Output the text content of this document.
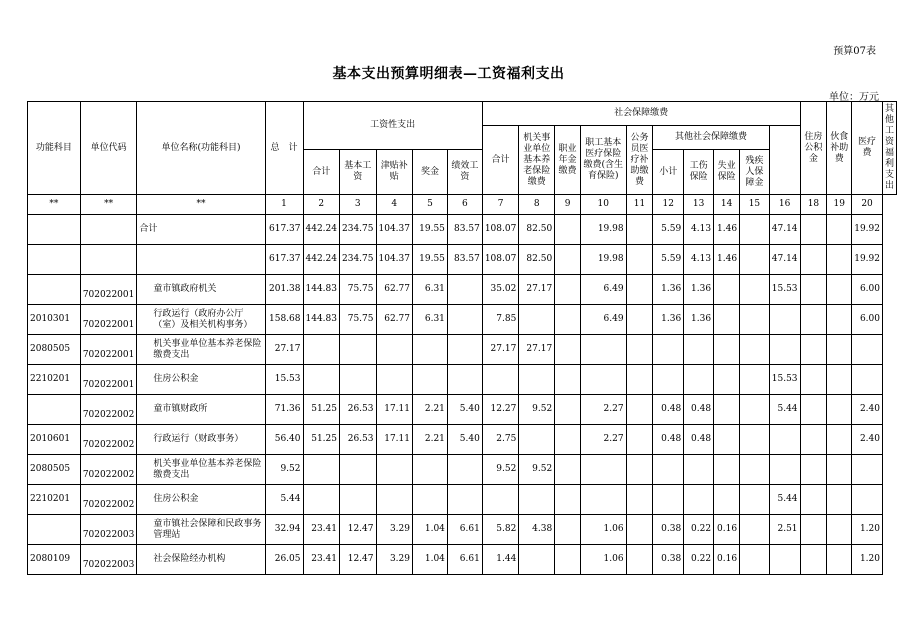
预算07表
基本支出预算明细表—工资福利支出
单位：万元
功能科目	单位代码	单位名称(功能科目)	总　计	工资性支出					社会保障缴费										住房公积金	伙食补助费	医疗费	其他工资福利支出
									合计	机关事业单位基本养老保险缴费	职业年金缴费	职工基本医疗保险缴费(含生育保险)	公务员医疗补助缴费	其他社会保障缴费								
				合计	基本工资	津贴补贴	奖金	绩效工资						小计	工伤保险	失业保险	残疾人保障金					
**	**	**	1	2	3	4	5	6	7	8	9	10	11	12	13	14	15	16	18	19	20	

		合计	617.37	442.24	234.75	104.37	19.55	83.57	108.07	82.50		19.98		5.59	4.13	1.46		47.14			19.92	

	617.37	442.24	234.75	104.37	19.55	83.57	108.07	82.50		19.98		5.59	4.13	1.46		47.14			19.92	
	702022001	童市镇政府机关	201.38	144.83	75.75	62.77	6.31		35.02	27.17		6.49		1.36	1.36			15.53			6.00	
2010301	702022001	行政运行（政府办公厅（室）及相关机构事务）	158.68	144.83	75.75	62.77	6.31		7.85			6.49		1.36	1.36						6.00	
2080505	702022001	机关事业单位基本养老保险缴费支出	27.17						27.17	27.17												
2210201	702022001	住房公积金	15.53															15.53				
	702022002	童市镇财政所	71.36	51.25	26.53	17.11	2.21	5.40	12.27	9.52		2.27		0.48	0.48			5.44			2.40	
2010601	702022002	行政运行（财政事务）	56.40	51.25	26.53	17.11	2.21	5.40	2.75			2.27		0.48	0.48						2.40	
2080505	702022002	机关事业单位基本养老保险缴费支出	9.52						9.52	9.52												
2210201	702022002	住房公积金	5.44															5.44				
	702022003	童市镇社会保障和民政事务管理站	32.94	23.41	12.47	3.29	1.04	6.61	5.82	4.38		1.06		0.38	0.22	0.16		2.51			1.20	
2080109	702022003	社会保险经办机构	26.05	23.41	12.47	3.29	1.04	6.61	1.44			1.06		0.38	0.22	0.16					1.20	
